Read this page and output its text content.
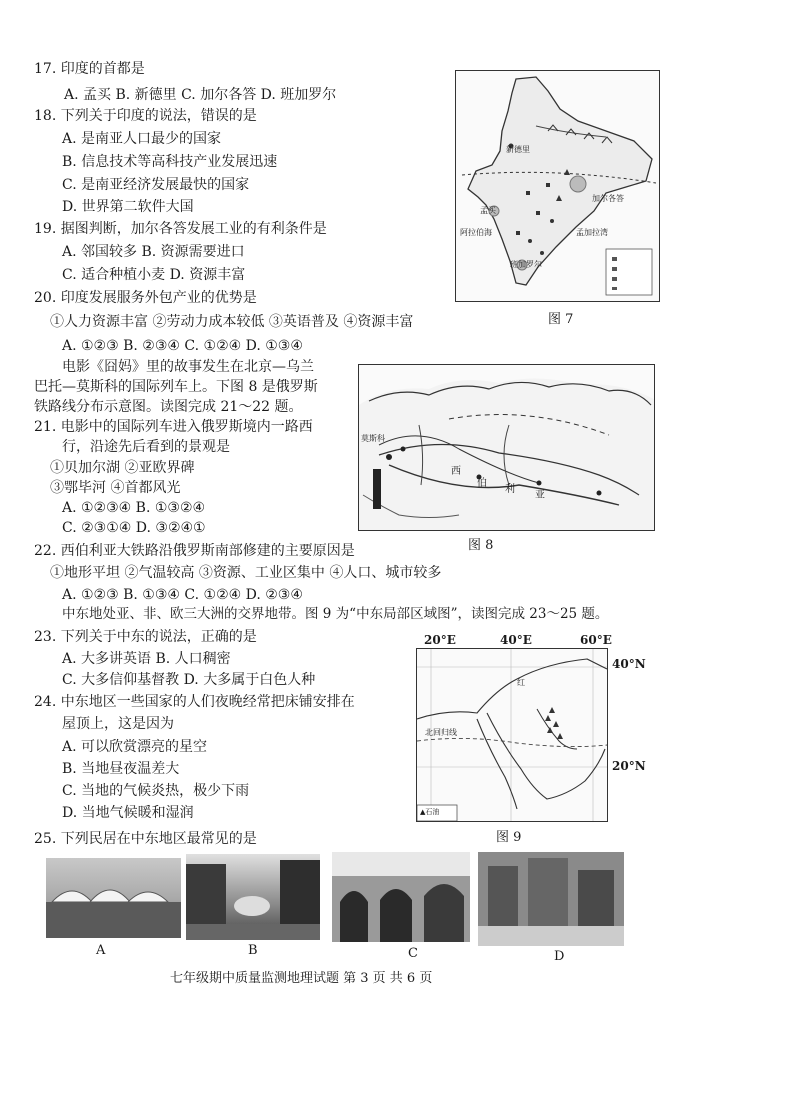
17. 印度的首都是
A. 孟买 B. 新德里 C. 加尔各答 D. 班加罗尔
18. 下列关于印度的说法，错误的是
A. 是南亚人口最少的国家
B. 信息技术等高科技产业发展迅速
C. 是南亚经济发展最快的国家
D. 世界第二软件大国
19. 据图判断，加尔各答发展工业的有利条件是
A. 邻国较多 B. 资源需要进口
C. 适合种植小麦 D. 资源丰富
20. 印度发展服务外包产业的优势是
①人力资源丰富 ②劳动力成本较低 ③英语普及 ④资源丰富
A. ①②③ B. ②③④ C. ①②④ D. ①③④
电影《囧妈》里的故事发生在北京—乌兰
巴托—莫斯科的国际列车上。下图 8 是俄罗斯
铁路线分布示意图。读图完成 21～22 题。
21. 电影中的国际列车进入俄罗斯境内一路西
行，沿途先后看到的景观是
①贝加尔湖 ②亚欧界碑
③鄂毕河 ④首都风光
A. ①②③④ B. ①③②④
C. ②③①④ D. ③②④①
22. 西伯利亚大铁路沿俄罗斯南部修建的主要原因是
①地形平坦 ②气温较高 ③资源、工业区集中 ④人口、城市较多
A. ①②③ B. ①③④ C. ①②④ D. ②③④
中东地处亚、非、欧三大洲的交界地带。图 9 为“中东局部区域图”，读图完成 23～25 题。
23. 下列关于中东的说法，正确的是
A. 大多讲英语 B. 人口稠密
C. 大多信仰基督教 D. 大多属于白色人种
24. 中东地区一些国家的人们夜晚经常把床铺安排在
屋顶上，这是因为
A. 可以欣赏漂亮的星空
B. 当地昼夜温差大
C. 当地的气候炎热，极少下雨
D. 当地气候暖和湿润
25. 下列民居在中东地区最常见的是
新德里
孟买
加尔各答
阿拉伯海	孟加拉湾
班加罗尔
图 7
莫斯科
西
伯
利
亚
图 8
20°E	40°E	60°E
40°N
20°N
北回归线
红
▲石油
图 9
A	B	C	D
七年级期中质量监测地理试题 第 3 页 共 6 页
